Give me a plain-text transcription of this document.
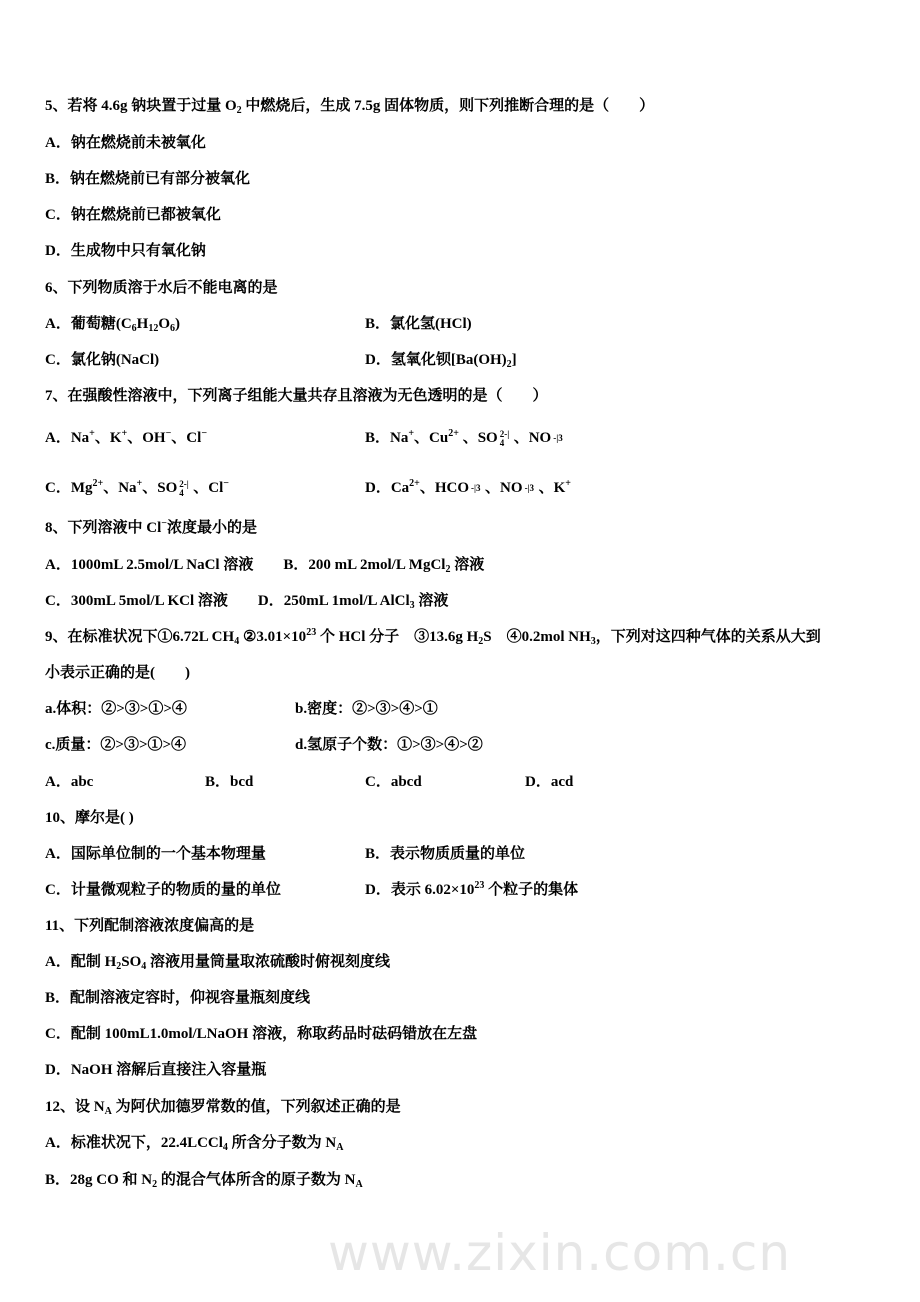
5、若将 4.6g 钠块置于过量 $O_2$ 中燃烧后，生成 7.5g 固体物质，则下列推断合理的是（　　）
A．钠在燃烧前未被氧化
B．钠在燃烧前已有部分被氧化
C．钠在燃烧前已都被氧化
D．生成物中只有氧化钠
6、下列物质溶于水后不能电离的是
A．葡萄糖$(C_6H_{12}O_6)$	B．氯化氢(HCl)
C．氯化钠(NaCl)	D．氢氧化钡$[Ba(OH)_2]$
7、在强酸性溶液中，下列离子组能大量共存且溶液为无色透明的是（　　）
A．Na+、K+、OH−、Cl−	B．Na+、$Cu^{2+}$ 、SO 2-|4 、NO -|3
C．$Mg^{2+}$、Na+、SO 2-|4 、Cl−	D．$Ca^{2+}$、HCO -|3 、NO -|3 、K+
8、下列溶液中 Cl−浓度最小的是
A．1000mL 2.5mol/L NaCl 溶液　　B．200 mL 2mol/L MgCl$_2$ 溶液
C．300mL 5mol/L KCl 溶液　　D．250mL 1mol/L AlCl$_3$ 溶液
9、在标准状况下①6.72L $CH_4$ $②3.01\times 10^{23}$ 个 HCl 分子　③13.6g $H_2S$　④0.2mol $NH_3$，下列对这四种气体的关系从大到
小表示正确的是(　　)
a.体积：②>③>①>④	b.密度：②>③>④>①
c.质量：②>③>①>④	d.氢原子个数：①>③>④>②
A．abc	B．bcd	C．abcd	D．acd
10、摩尔是( )
A．国际单位制的一个基本物理量	B．表示物质质量的单位
C．计量微观粒子的物质的量的单位	D．表示 $6.02\times 10^{23}$ 个粒子的集体
11、下列配制溶液浓度偏高的是
A．配制 $H_2SO_4$ 溶液用量筒量取浓硫酸时俯视刻度线
B．配制溶液定容时，仰视容量瓶刻度线
C．配制 100mL1.0mol/LNaOH 溶液，称取药品时砝码错放在左盘
D．NaOH 溶解后直接注入容量瓶
12、设 $N_A$ 为阿伏加德罗常数的值，下列叙述正确的是
A．标准状况下，22.4LCCl$_4$ 所含分子数为 $N_A$
B．28g CO 和 $N_2$ 的混合气体所含的原子数为 $N_A$
www.zixin.com.cn
